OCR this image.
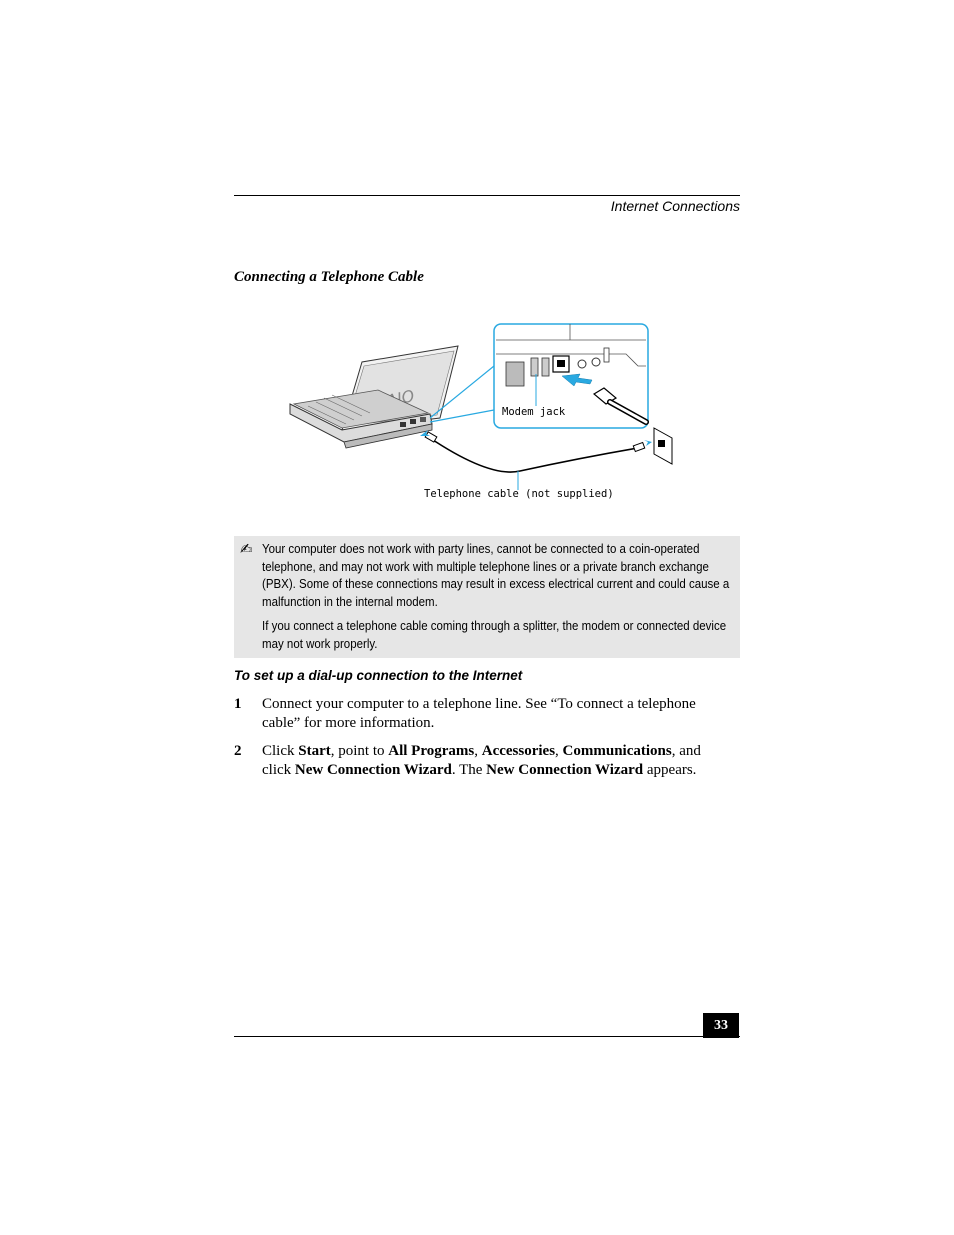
Internet Connections
Connecting a Telephone Cable
Modem jack
Telephone cable (not supplied)
✍ Your computer does not work with party lines, cannot be connected to a coin-operated telephone, and may not work with multiple telephone lines or a private branch exchange (PBX). Some of these connections may result in excess electrical current and could cause a malfunction in the internal modem.

If you connect a telephone cable coming through a splitter, the modem or connected device may not work properly.

To set up a dial-up connection to the Internet
1 Connect your computer to a telephone line. See “To connect a telephone cable” for more information.
2 Click Start, point to All Programs, Accessories, Communications, and click New Connection Wizard. The New Connection Wizard appears.
33
